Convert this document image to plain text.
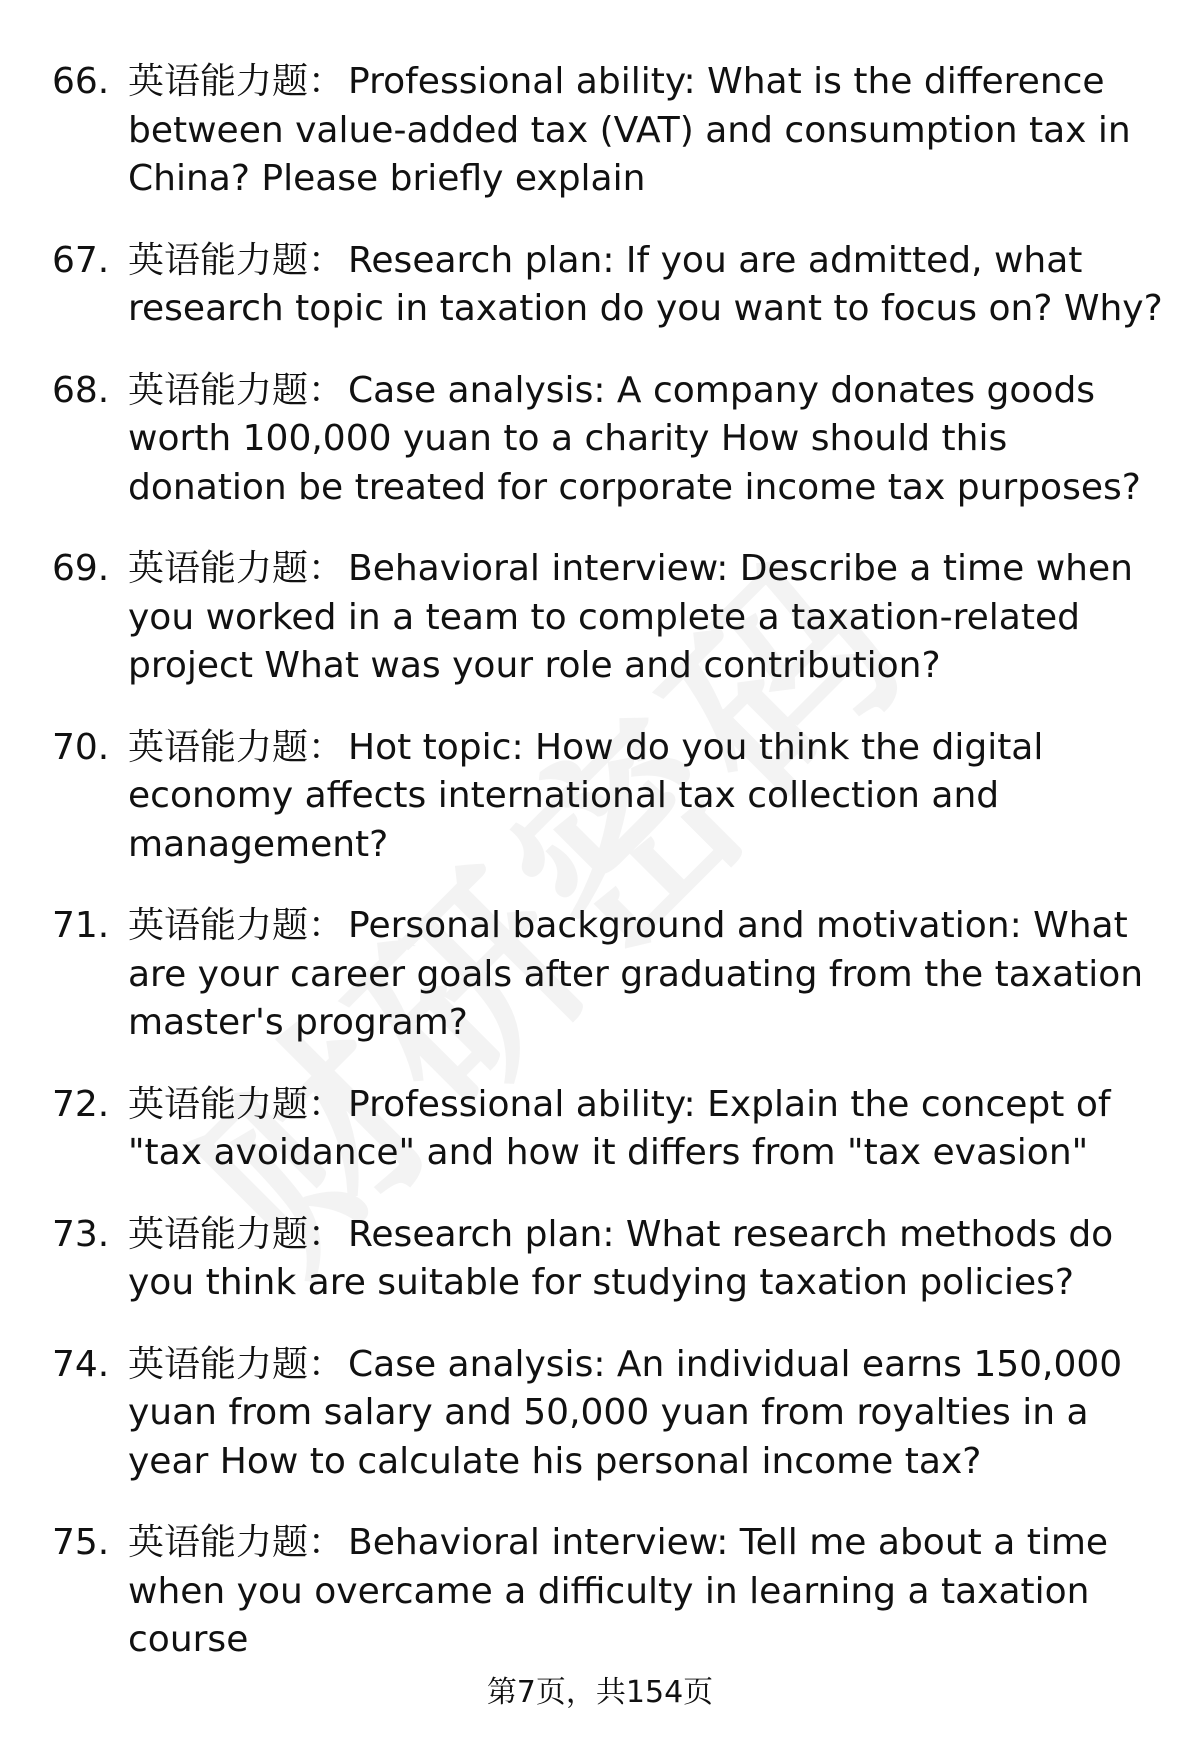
66. 英语能力题： Professional ability: What is the difference between value-added tax (VAT) and consumption tax in China? Please briefly explain
67. 英语能力题： Research plan: If you are admitted, what research topic in taxation do you want to focus on? Why?
68. 英语能力题： Case analysis: A company donates goods worth 100,000 yuan to a charity How should this donation be treated for corporate income tax purposes?
69. 英语能力题： Behavioral interview: Describe a time when you worked in a team to complete a taxation-related project What was your role and contribution?
70. 英语能力题： Hot topic: How do you think the digital economy affects international tax collection and management?
71. 英语能力题： Personal background and motivation: What are your career goals after graduating from the taxation master's program?
72. 英语能力题： Professional ability: Explain the concept of "tax avoidance" and how it differs from "tax evasion"
73. 英语能力题： Research plan: What research methods do you think are suitable for studying taxation policies?
74. 英语能力题： Case analysis: An individual earns 150,000 yuan from salary and 50,000 yuan from royalties in a year How to calculate his personal income tax?
75. 英语能力题： Behavioral interview: Tell me about a time when you overcame a difficulty in learning a taxation course
第7页，共154页
